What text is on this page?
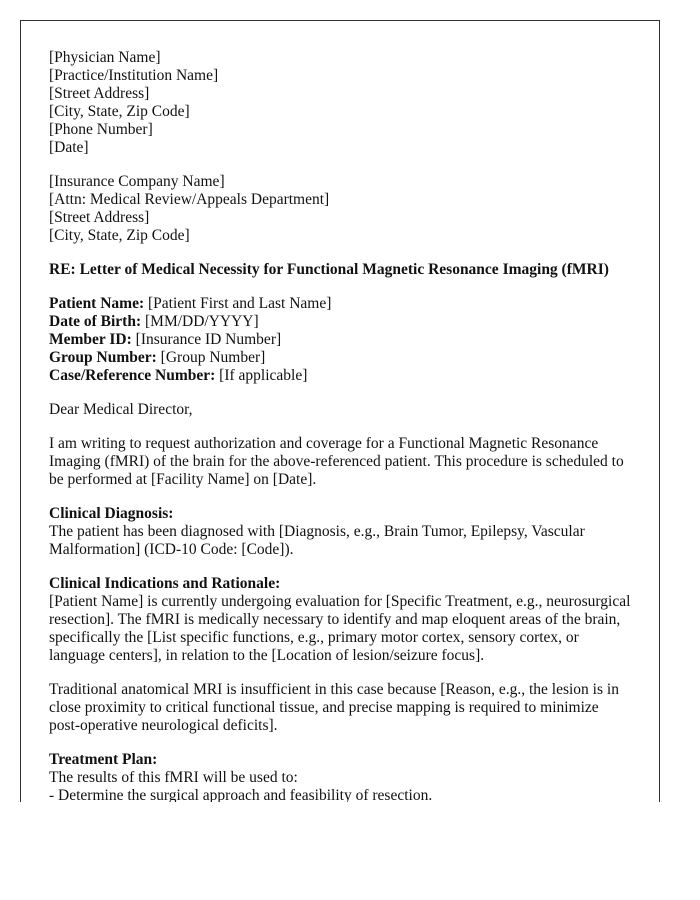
[Physician Name]
[Practice/Institution Name]
[Street Address]
[City, State, Zip Code]
[Phone Number]
[Date]
[Insurance Company Name]
[Attn: Medical Review/Appeals Department]
[Street Address]
[City, State, Zip Code]

RE: Letter of Medical Necessity for Functional Magnetic Resonance Imaging (fMRI)

Patient Name: [Patient First and Last Name]
Date of Birth: [MM/DD/YYYY]
Member ID: [Insurance ID Number]
Group Number: [Group Number]
Case/Reference Number: [If applicable]

Dear Medical Director,

I am writing to request authorization and coverage for a Functional Magnetic Resonance Imaging (fMRI) of the brain for the above-referenced patient. This procedure is scheduled to be performed at [Facility Name] on [Date].

Clinical Diagnosis:
The patient has been diagnosed with [Diagnosis, e.g., Brain Tumor, Epilepsy, Vascular Malformation] (ICD-10 Code: [Code]).
Clinical Indications and Rationale:
[Patient Name] is currently undergoing evaluation for [Specific Treatment, e.g., neurosurgical resection]. The fMRI is medically necessary to identify and map eloquent areas of the brain, specifically the [List specific functions, e.g., primary motor cortex, sensory cortex, or language centers], in relation to the [Location of lesion/seizure focus].

Traditional anatomical MRI is insufficient in this case because [Reason, e.g., the lesion is in close proximity to critical functional tissue, and precise mapping is required to minimize post-operative neurological deficits].

Treatment Plan:
The results of this fMRI will be used to:
- Determine the surgical approach and feasibility of resection.
